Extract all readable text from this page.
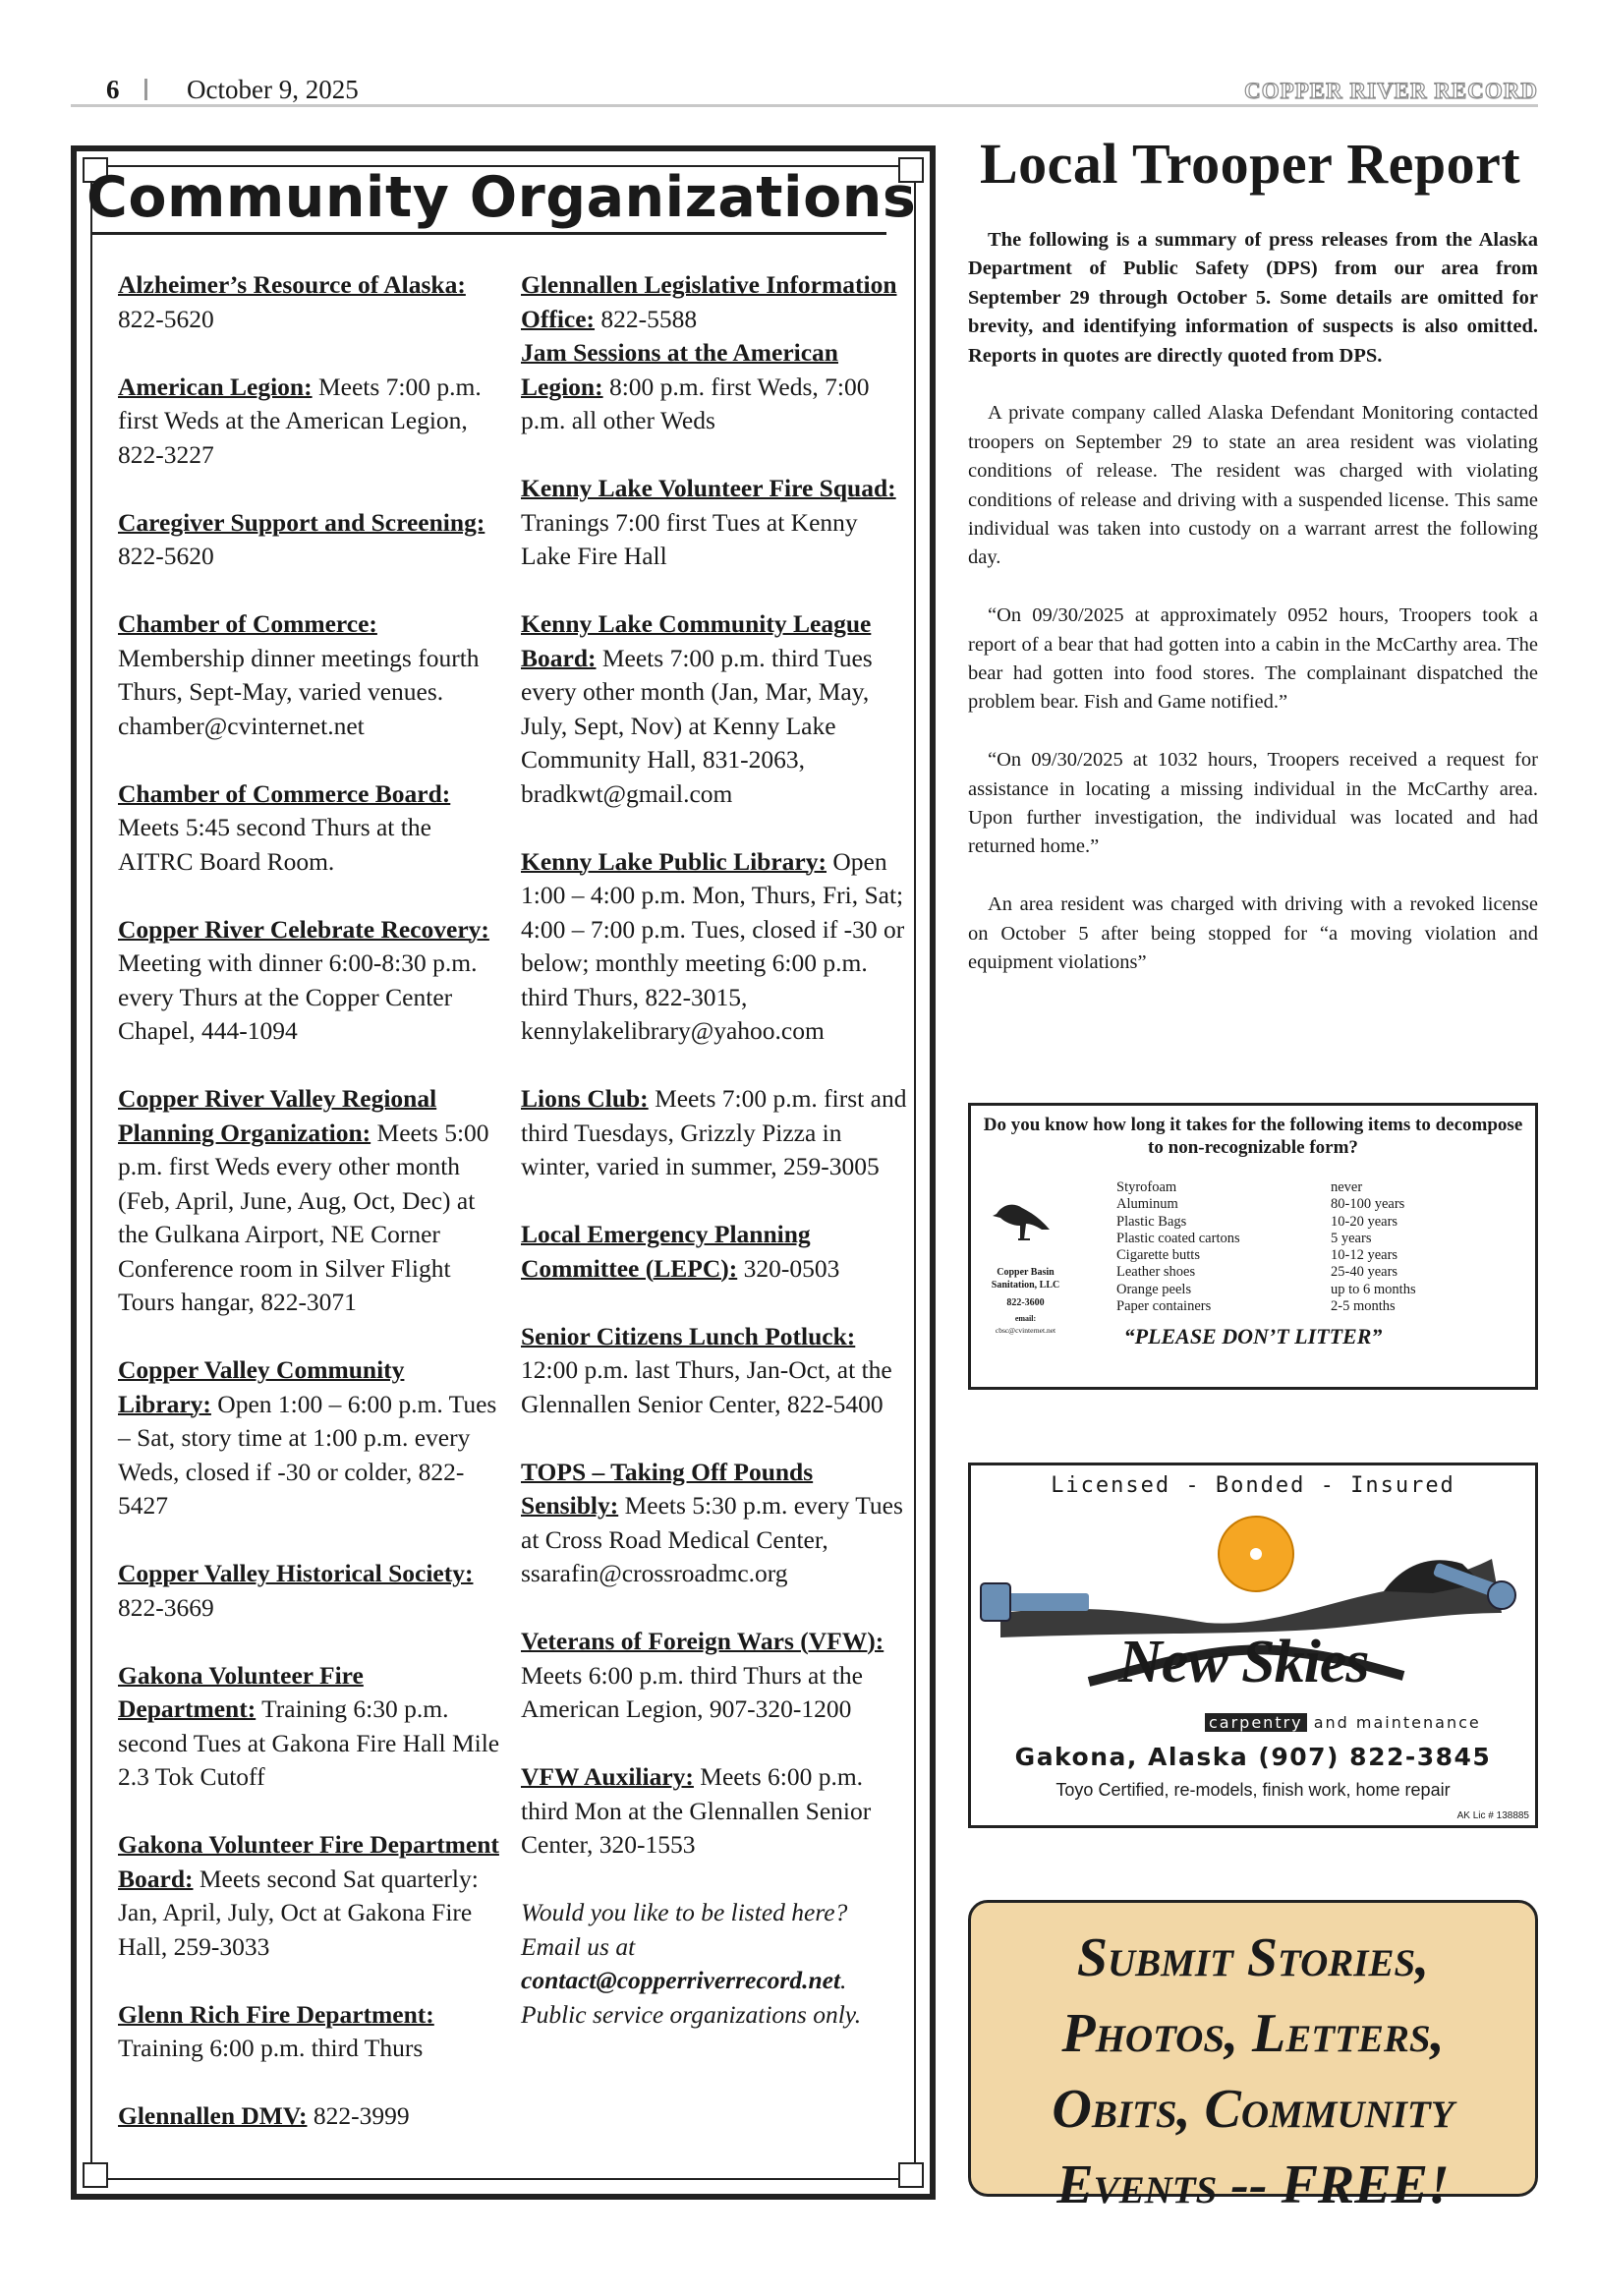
6	October 9, 2025	COPPER RIVER RECORD
Community Organizations
Alzheimer’s Resource of Alaska: 822-5620
American Legion: Meets 7:00 p.m. first Weds at the American Legion, 822-3227
Caregiver Support and Screening: 822-5620
Chamber of Commerce: Membership dinner meetings fourth Thurs, Sept-May, varied venues. chamber@cvinternet.net
Chamber of Commerce Board: Meets 5:45 second Thurs at the AITRC Board Room.
Copper River Celebrate Recovery: Meeting with dinner 6:00-8:30 p.m. every Thurs at the Copper Center Chapel, 444-1094
Copper River Valley Regional Planning Organization: Meets 5:00 p.m. first Weds every other month (Feb, April, June, Aug, Oct, Dec) at the Gulkana Airport, NE Corner Conference room in Silver Flight Tours hangar, 822-3071
Copper Valley Community Library: Open 1:00 – 6:00 p.m. Tues – Sat, story time at 1:00 p.m. every Weds, closed if -30 or colder, 822-5427
Copper Valley Historical Society: 822-3669
Gakona Volunteer Fire Department: Training 6:30 p.m. second Tues at Gakona Fire Hall Mile 2.3 Tok Cutoff
Gakona Volunteer Fire Department Board: Meets second Sat quarterly: Jan, April, July, Oct at Gakona Fire Hall, 259-3033
Glenn Rich Fire Department: Training 6:00 p.m. third Thurs
Glennallen DMV: 822-3999
Glennallen Legislative Information Office: 822-5588
Jam Sessions at the American Legion: 8:00 p.m. first Weds, 7:00 p.m. all other Weds
Kenny Lake Volunteer Fire Squad: Tranings 7:00 first Tues at Kenny Lake Fire Hall
Kenny Lake Community League Board: Meets 7:00 p.m. third Tues every other month (Jan, Mar, May, July, Sept, Nov) at Kenny Lake Community Hall, 831-2063, bradkwt@gmail.com
Kenny Lake Public Library: Open 1:00 – 4:00 p.m. Mon, Thurs, Fri, Sat; 4:00 – 7:00 p.m. Tues, closed if -30 or below; monthly meeting 6:00 p.m. third Thurs, 822-3015, kennylakelibrary@yahoo.com
Lions Club: Meets 7:00 p.m. first and third Tuesdays, Grizzly Pizza in winter, varied in summer, 259-3005
Local Emergency Planning Committee (LEPC): 320-0503
Senior Citizens Lunch Potluck: 12:00 p.m. last Thurs, Jan-Oct, at the Glennallen Senior Center, 822-5400
TOPS – Taking Off Pounds Sensibly: Meets 5:30 p.m. every Tues at Cross Road Medical Center, ssarafin@crossroadmc.org
Veterans of Foreign Wars (VFW): Meets 6:00 p.m. third Thurs at the American Legion, 907-320-1200
VFW Auxiliary: Meets 6:00 p.m. third Mon at the Glennallen Senior Center, 320-1553
Would you like to be listed here? Email us at contact@copperriverrecord.net. Public service organizations only.
Local Trooper Report

The following is a summary of press releases from the Alaska Department of Public Safety (DPS) from our area from September 29 through October 5. Some details are omitted for brevity, and identifying information of suspects is also omitted. Reports in quotes are directly quoted from DPS.

A private company called Alaska Defendant Monitoring contacted troopers on September 29 to state an area resident was violating conditions of release. The resident was charged with violating conditions of release and driving with a suspended license. This same individual was taken into custody on a warrant arrest the following day.

“On 09/30/2025 at approximately 0952 hours, Troopers took a report of a bear that had gotten into a cabin in the McCarthy area. The bear had gotten into food stores. The complainant dispatched the problem bear. Fish and Game notified.”

“On 09/30/2025 at 1032 hours, Troopers received a request for assistance in locating a missing individual in the McCarthy area. Upon further investigation, the individual was located and had returned home.”

An area resident was charged with driving with a revoked license on October 5 after being stopped for “a moving violation and equipment violations”

Do you know how long it takes for the following items to decompose to non-recognizable form?
Copper Basin Sanitation, LLC
822-3600
email:
cbsc@cvinternet.net
Styrofoam	never
Aluminum	80-100 years
Plastic Bags	10-20 years
Plastic coated cartons	5 years
Cigarette butts	10-12 years
Leather shoes	25-40 years
Orange peels	up to 6 months
Paper containers	2-5 months
“PLEASE DON’T LITTER”
Licensed - Bonded - Insured
New Skies
carpentry and maintenance
Gakona, Alaska (907) 822-3845
Toyo Certified, re-models, finish work, home repair
AK Lic # 138885
Submit Stories,
Photos, Letters,
Obits, Community
Events -- FREE!
